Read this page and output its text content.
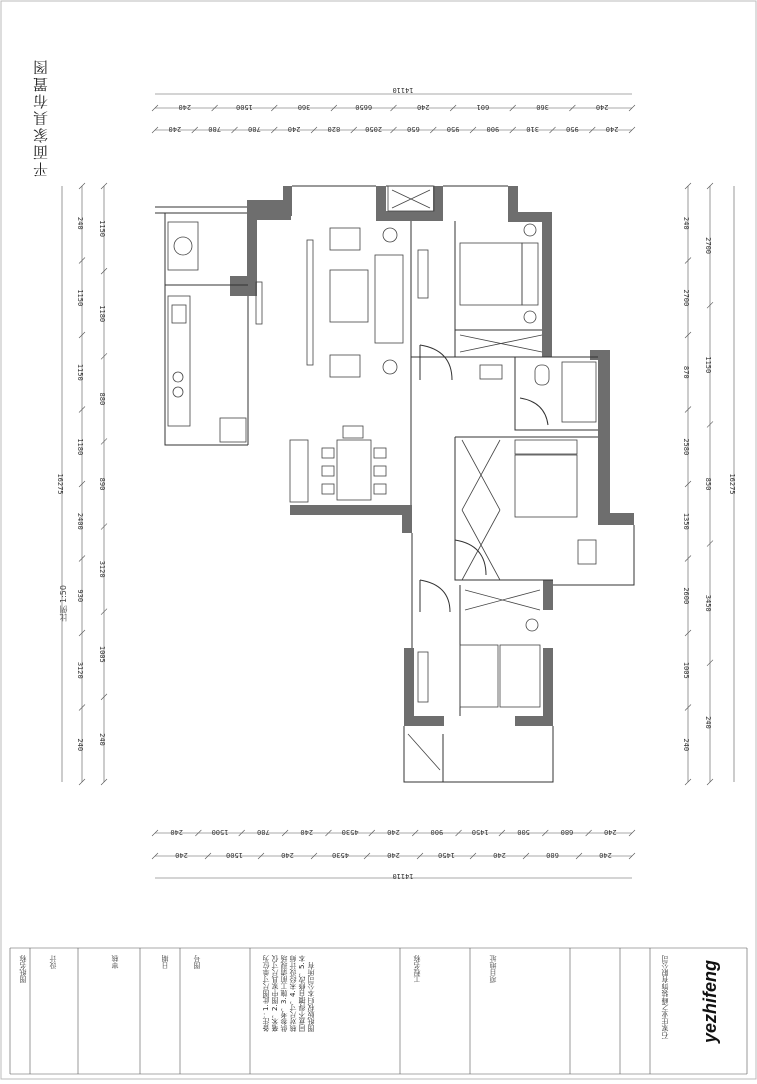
14110
240	1500	360	6650	240	601	360	240
240	780	780	240	820	2050	650	950	900	310	950	240
240	1500	780	240	4530	240	900	1450	500	680	240
240	1500	240	4530	240	1450	240	680	240
14110
16275
240
1150
1150
1180
2400
930
3120
240
1150
1180
880
890
3120
1005
240
240
2700
870
2580
1350
2600
1005
240
2700
1150
850
3450
240
16275
平面家具布置图
比例 1:50
备注：1.此图尺寸单位为毫米，2.图中家具尺寸仅供参考，3.施工前请现场核对尺寸，4.未经设计师同意不得擅自修改，5.本图纸版权归本公司所有	石家庄业之峰装饰有限公司 yezhifeng
图纸名称	设计	审核	日期	图号	工程名称	项目地址
